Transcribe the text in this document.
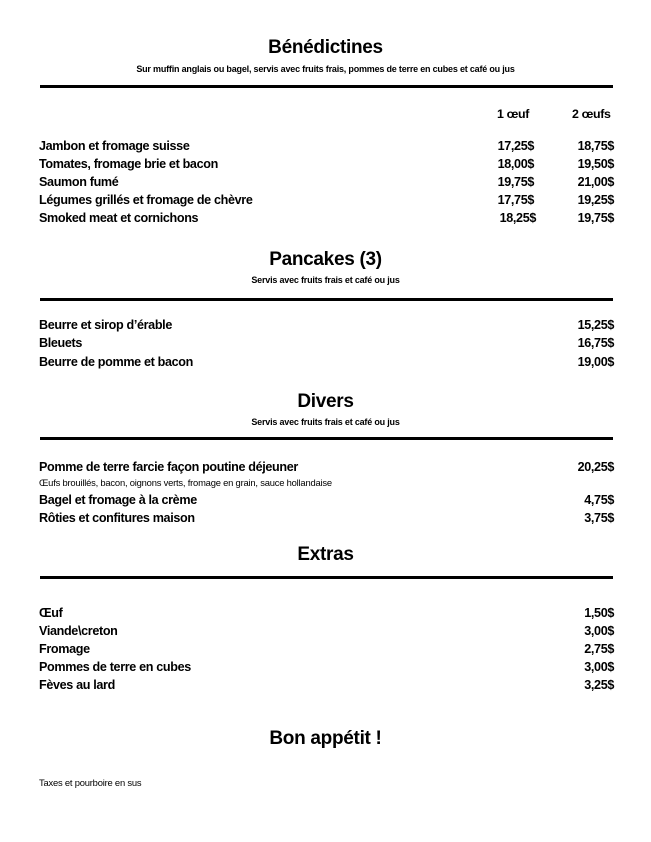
Bénédictines
Sur muffin anglais ou bagel, servis avec fruits frais, pommes de terre en cubes et café ou jus
1 œuf	2 œufs
Jambon et fromage suisse	17,25$	18,75$
Tomates, fromage brie et bacon	18,00$	19,50$
Saumon fumé	19,75$	21,00$
Légumes grillés et fromage de chèvre	17,75$	19,25$
Smoked meat et cornichons	18,25$	19,75$
Pancakes (3)
Servis avec fruits frais et café ou jus
Beurre et sirop d’érable	15,25$
Bleuets	16,75$
Beurre de pomme et bacon	19,00$
Divers
Servis avec fruits frais et café ou jus
Pomme de terre farcie façon poutine déjeuner	20,25$
Œufs brouillés, bacon, oignons verts, fromage en grain, sauce hollandaise
Bagel et fromage à la crème	4,75$
Rôties et confitures maison	3,75$
Extras
Œuf	1,50$
Viande\creton	3,00$
Fromage	2,75$
Pommes de terre en cubes	3,00$
Fèves au lard	3,25$
Bon appétit !
Taxes et pourboire en sus
